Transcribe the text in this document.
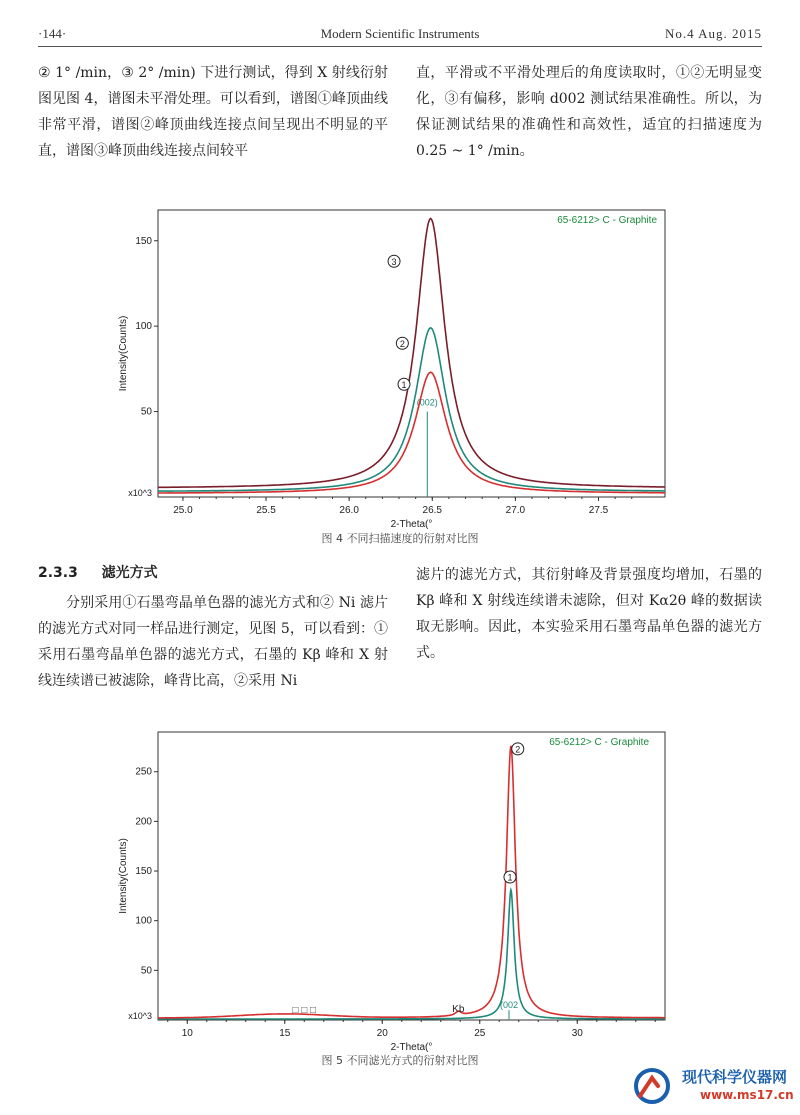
·144·	Modern Scientific Instruments	No.4 Aug. 2015
② 1° /min，③ 2° /min) 下进行测试，得到 X 射线衍射图见图 4，谱图未平滑处理。可以看到，谱图①峰顶曲线非常平滑，谱图②峰顶曲线连接点间呈现出不明显的平直，谱图③峰顶曲线连接点间较平
直，平滑或不平滑处理后的角度读取时，①②无明显变化，③有偏移，影响 d002 测试结果准确性。所以，为保证测试结果的准确性和高效性，适宜的扫描速度为 0.25 ~ 1° /min。
25.0	25.5	26.0	26.5	27.0	27.5
50
100
150
x10^3
2-Theta(°
Intensity(Counts)
65-6212> C - Graphite
(002)
1
2
3
图 4 不同扫描速度的衍射对比图
2.3.3 滤光方式
分别采用①石墨弯晶单色器的滤光方式和② Ni 滤片的滤光方式对同一样品进行测定，见图 5，可以看到：①采用石墨弯晶单色器的滤光方式，石墨的 Kβ 峰和 X 射线连续谱已被滤除，峰背比高，②采用 Ni
滤片的滤光方式，其衍射峰及背景强度均增加，石墨的 Kβ 峰和 X 射线连续谱未滤除，但对 Kα2θ 峰的数据读取无影响。因此，本实验采用石墨弯晶单色器的滤光方式。
10	15	20	25	30
50
100
150
200
250
x10^3
2-Theta(°
Intensity(Counts)
65-6212> C - Graphite
(002
Kb
□ □ □
1
2
图 5 不同滤光方式的衍射对比图
现代科学仪器网
www.ms17.cn
